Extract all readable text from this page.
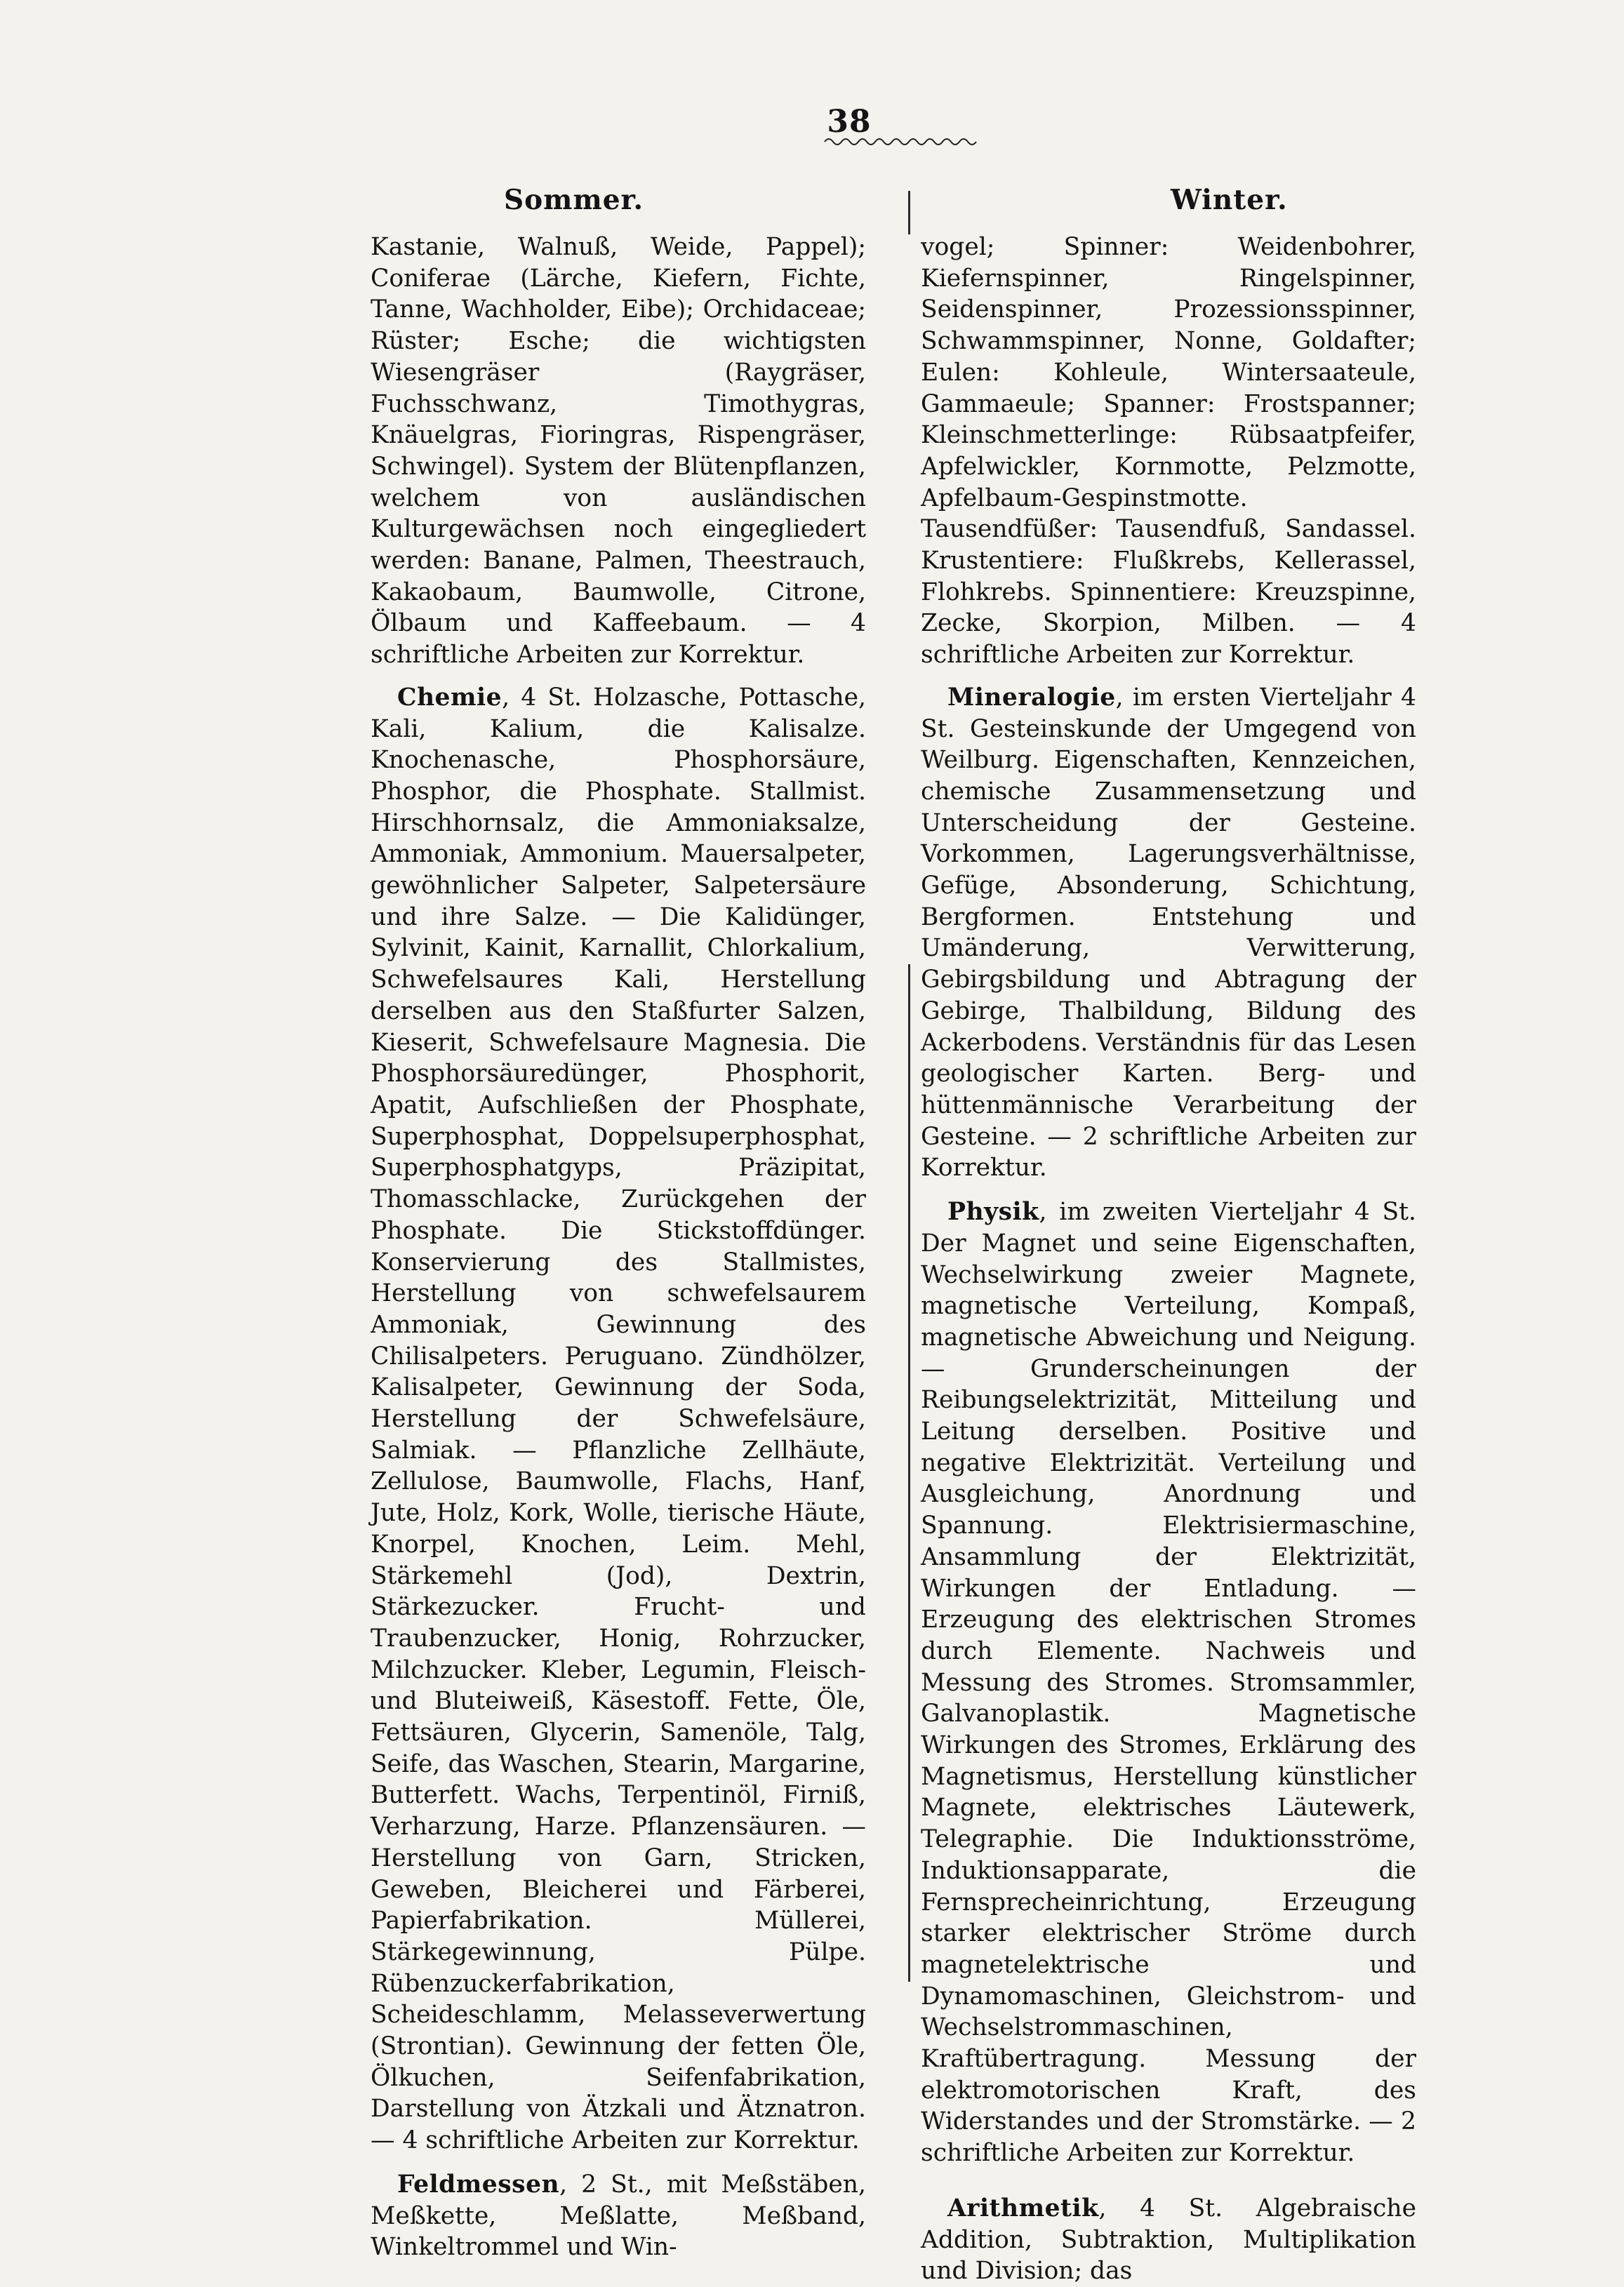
38
Sommer.	Winter.

Kastanie, Walnuß, Weide, Pappel); Coniferae (Lärche, Kiefern, Fichte, Tanne, Wachholder, Eibe); Orchidaceae; Rüster; Esche; die wichtigsten Wiesengräser (Raygräser, Fuchsschwanz, Timothygras, Knäuelgras, Fioringras, Rispengräser, Schwingel). System der Blütenpflanzen, welchem von ausländischen Kulturgewächsen noch eingegliedert werden: Banane, Palmen, Theestrauch, Kakaobaum, Baumwolle, Citrone, Ölbaum und Kaffeebaum. — 4 schriftliche Arbeiten zur Korrektur.

Chemie, 4 St. Holzasche, Pottasche, Kali, Kalium, die Kalisalze. Knochenasche, Phosphorsäure, Phosphor, die Phosphate. Stallmist. Hirschhornsalz, die Ammoniaksalze, Ammoniak, Ammonium. Mauersalpeter, gewöhnlicher Salpeter, Salpetersäure und ihre Salze. — Die Kalidünger, Sylvinit, Kainit, Karnallit, Chlorkalium, Schwefelsaures Kali, Herstellung derselben aus den Staßfurter Salzen, Kieserit, Schwefelsaure Magnesia. Die Phosphorsäuredünger, Phosphorit, Apatit, Aufschließen der Phosphate, Superphosphat, Doppelsuperphosphat, Superphosphatgyps, Präzipitat, Thomasschlacke, Zurückgehen der Phosphate. Die Stickstoffdünger. Konservierung des Stallmistes, Herstellung von schwefelsaurem Ammoniak, Gewinnung des Chilisalpeters. Peruguano. Zündhölzer, Kalisalpeter, Gewinnung der Soda, Herstellung der Schwefelsäure, Salmiak. — Pflanzliche Zellhäute, Zellulose, Baumwolle, Flachs, Hanf, Jute, Holz, Kork, Wolle, tierische Häute, Knorpel, Knochen, Leim. Mehl, Stärkemehl (Jod), Dextrin, Stärkezucker. Frucht- und Traubenzucker, Honig, Rohrzucker, Milchzucker. Kleber, Legumin, Fleisch- und Bluteiweiß, Käsestoff. Fette, Öle, Fettsäuren, Glycerin, Samenöle, Talg, Seife, das Waschen, Stearin, Margarine, Butterfett. Wachs, Terpentinöl, Firniß, Verharzung, Harze. Pflanzensäuren. — Herstellung von Garn, Stricken, Geweben, Bleicherei und Färberei, Papierfabrikation. Müllerei, Stärkegewinnung, Pülpe. Rübenzuckerfabrikation, Scheideschlamm, Melasseverwertung (Strontian). Gewinnung der fetten Öle, Ölkuchen, Seifenfabrikation, Darstellung von Ätzkali und Ätznatron. — 4 schriftliche Arbeiten zur Korrektur.

Feldmessen, 2 St., mit Meßstäben, Meßkette, Meßlatte, Meßband, Winkeltrommel und Win-

vogel; Spinner: Weidenbohrer, Kiefernspinner, Ringelspinner, Seidenspinner, Prozessionsspinner, Schwammspinner, Nonne, Goldafter; Eulen: Kohleule, Wintersaateule, Gammaeule; Spanner: Frostspanner; Kleinschmetterlinge: Rübsaatpfeifer, Apfelwickler, Kornmotte, Pelzmotte, Apfelbaum-Gespinstmotte. Tausendfüßer: Tausendfuß, Sandassel. Krustentiere: Flußkrebs, Kellerassel, Flohkrebs. Spinnentiere: Kreuzspinne, Zecke, Skorpion, Milben. — 4 schriftliche Arbeiten zur Korrektur.

Mineralogie, im ersten Vierteljahr 4 St. Gesteinskunde der Umgegend von Weilburg. Eigenschaften, Kennzeichen, chemische Zusammensetzung und Unterscheidung der Gesteine. Vorkommen, Lagerungsverhältnisse, Gefüge, Absonderung, Schichtung, Bergformen. Entstehung und Umänderung, Verwitterung, Gebirgsbildung und Abtragung der Gebirge, Thalbildung, Bildung des Ackerbodens. Verständnis für das Lesen geologischer Karten. Berg- und hüttenmännische Verarbeitung der Gesteine. — 2 schriftliche Arbeiten zur Korrektur.

Physik, im zweiten Vierteljahr 4 St. Der Magnet und seine Eigenschaften, Wechselwirkung zweier Magnete, magnetische Verteilung, Kompaß, magnetische Abweichung und Neigung. — Grunderscheinungen der Reibungselektrizität, Mitteilung und Leitung derselben. Positive und negative Elektrizität. Verteilung und Ausgleichung, Anordnung und Spannung. Elektrisiermaschine, Ansammlung der Elektrizität, Wirkungen der Entladung. — Erzeugung des elektrischen Stromes durch Elemente. Nachweis und Messung des Stromes. Stromsammler, Galvanoplastik. Magnetische Wirkungen des Stromes, Erklärung des Magnetismus, Herstellung künstlicher Magnete, elektrisches Läutewerk, Telegraphie. Die Induktionsströme, Induktionsapparate, die Fernsprecheinrichtung, Erzeugung starker elektrischer Ströme durch magnetelektrische und Dynamomaschinen, Gleichstrom- und Wechselstrommaschinen, Kraftübertragung. Messung der elektromotorischen Kraft, des Widerstandes und der Stromstärke. — 2 schriftliche Arbeiten zur Korrektur.

Arithmetik, 4 St. Algebraische Addition, Subtraktion, Multiplikation und Division; das
